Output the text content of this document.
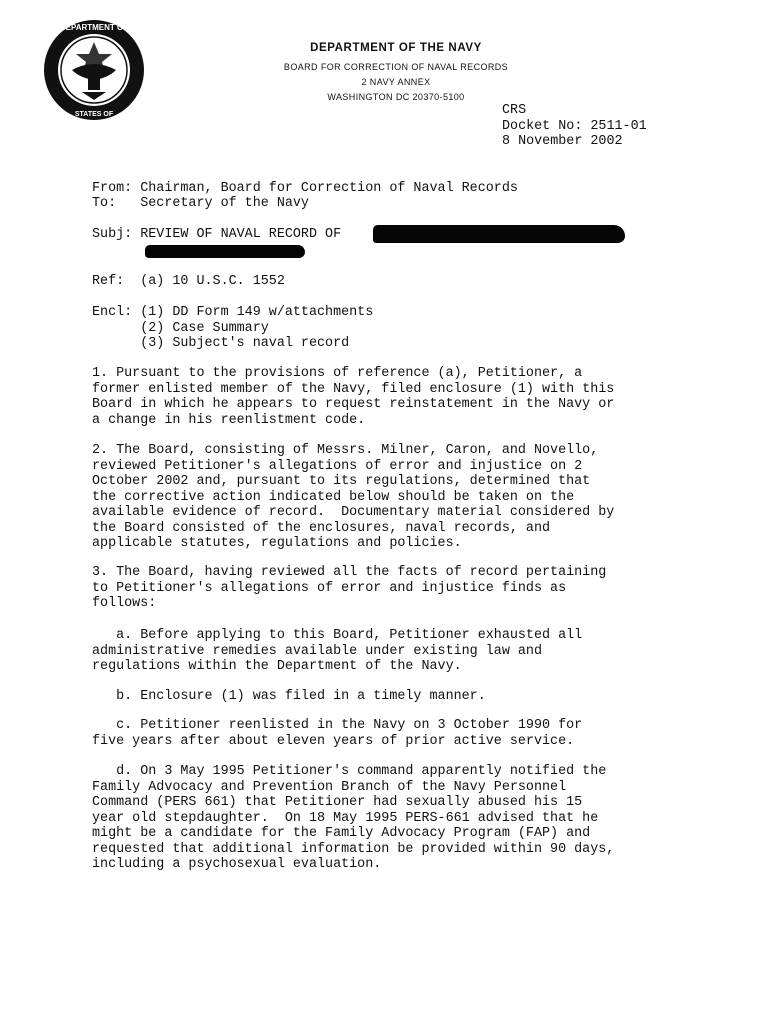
DEPARTMENT OF
STATES OF
DEPARTMENT OF THE NAVY
BOARD FOR CORRECTION OF NAVAL RECORDS
2 NAVY ANNEX
WASHINGTON DC 20370-5100
CRS
Docket No: 2511-01
8 November 2002
From: Chairman, Board for Correction of Naval Records
To:   Secretary of the Navy
Subj: REVIEW OF NAVAL RECORD OF
Ref:  (a) 10 U.S.C. 1552
Encl: (1) DD Form 149 w/attachments
(2) Case Summary
(3) Subject's naval record
1. Pursuant to the provisions of reference (a), Petitioner, a
former enlisted member of the Navy, filed enclosure (1) with this
Board in which he appears to request reinstatement in the Navy or
a change in his reenlistment code.
2. The Board, consisting of Messrs. Milner, Caron, and Novello,
reviewed Petitioner's allegations of error and injustice on 2
October 2002 and, pursuant to its regulations, determined that
the corrective action indicated below should be taken on the
available evidence of record.  Documentary material considered by
the Board consisted of the enclosures, naval records, and
applicable statutes, regulations and policies.
3. The Board, having reviewed all the facts of record pertaining
to Petitioner's allegations of error and injustice finds as
follows:
a. Before applying to this Board, Petitioner exhausted all
administrative remedies available under existing law and
regulations within the Department of the Navy.
b. Enclosure (1) was filed in a timely manner.
c. Petitioner reenlisted in the Navy on 3 October 1990 for
five years after about eleven years of prior active service.
d. On 3 May 1995 Petitioner's command apparently notified the
Family Advocacy and Prevention Branch of the Navy Personnel
Command (PERS 661) that Petitioner had sexually abused his 15
year old stepdaughter.  On 18 May 1995 PERS-661 advised that he
might be a candidate for the Family Advocacy Program (FAP) and
requested that additional information be provided within 90 days,
including a psychosexual evaluation.
